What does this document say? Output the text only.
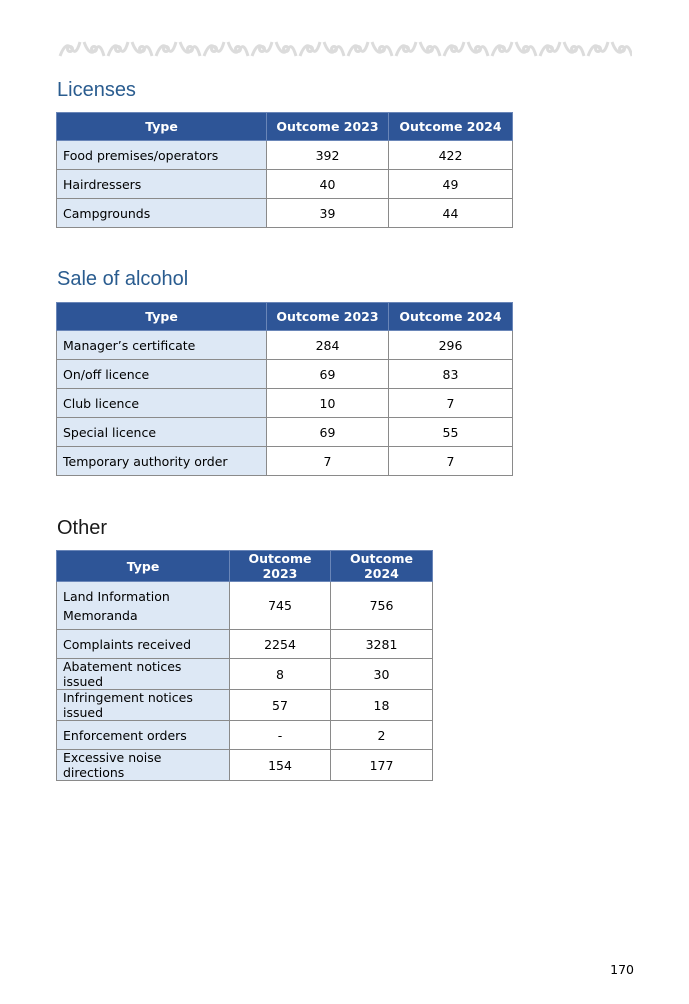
Licenses
Type	Outcome 2023	Outcome 2024
Food premises/operators	392	422
Hairdressers	40	49
Campgrounds	39	44
Sale of alcohol
Type	Outcome 2023	Outcome 2024
Manager’s certificate	284	296
On/off licence	69	83
Club licence	10	7
Special licence	69	55
Temporary authority order	7	7
Other
Type	Outcome 2023	Outcome 2024
Land Information Memoranda	745	756
Complaints received	2254	3281
Abatement notices issued	8	30
Infringement notices issued	57	18
Enforcement orders	-	2
Excessive noise directions	154	177
170
